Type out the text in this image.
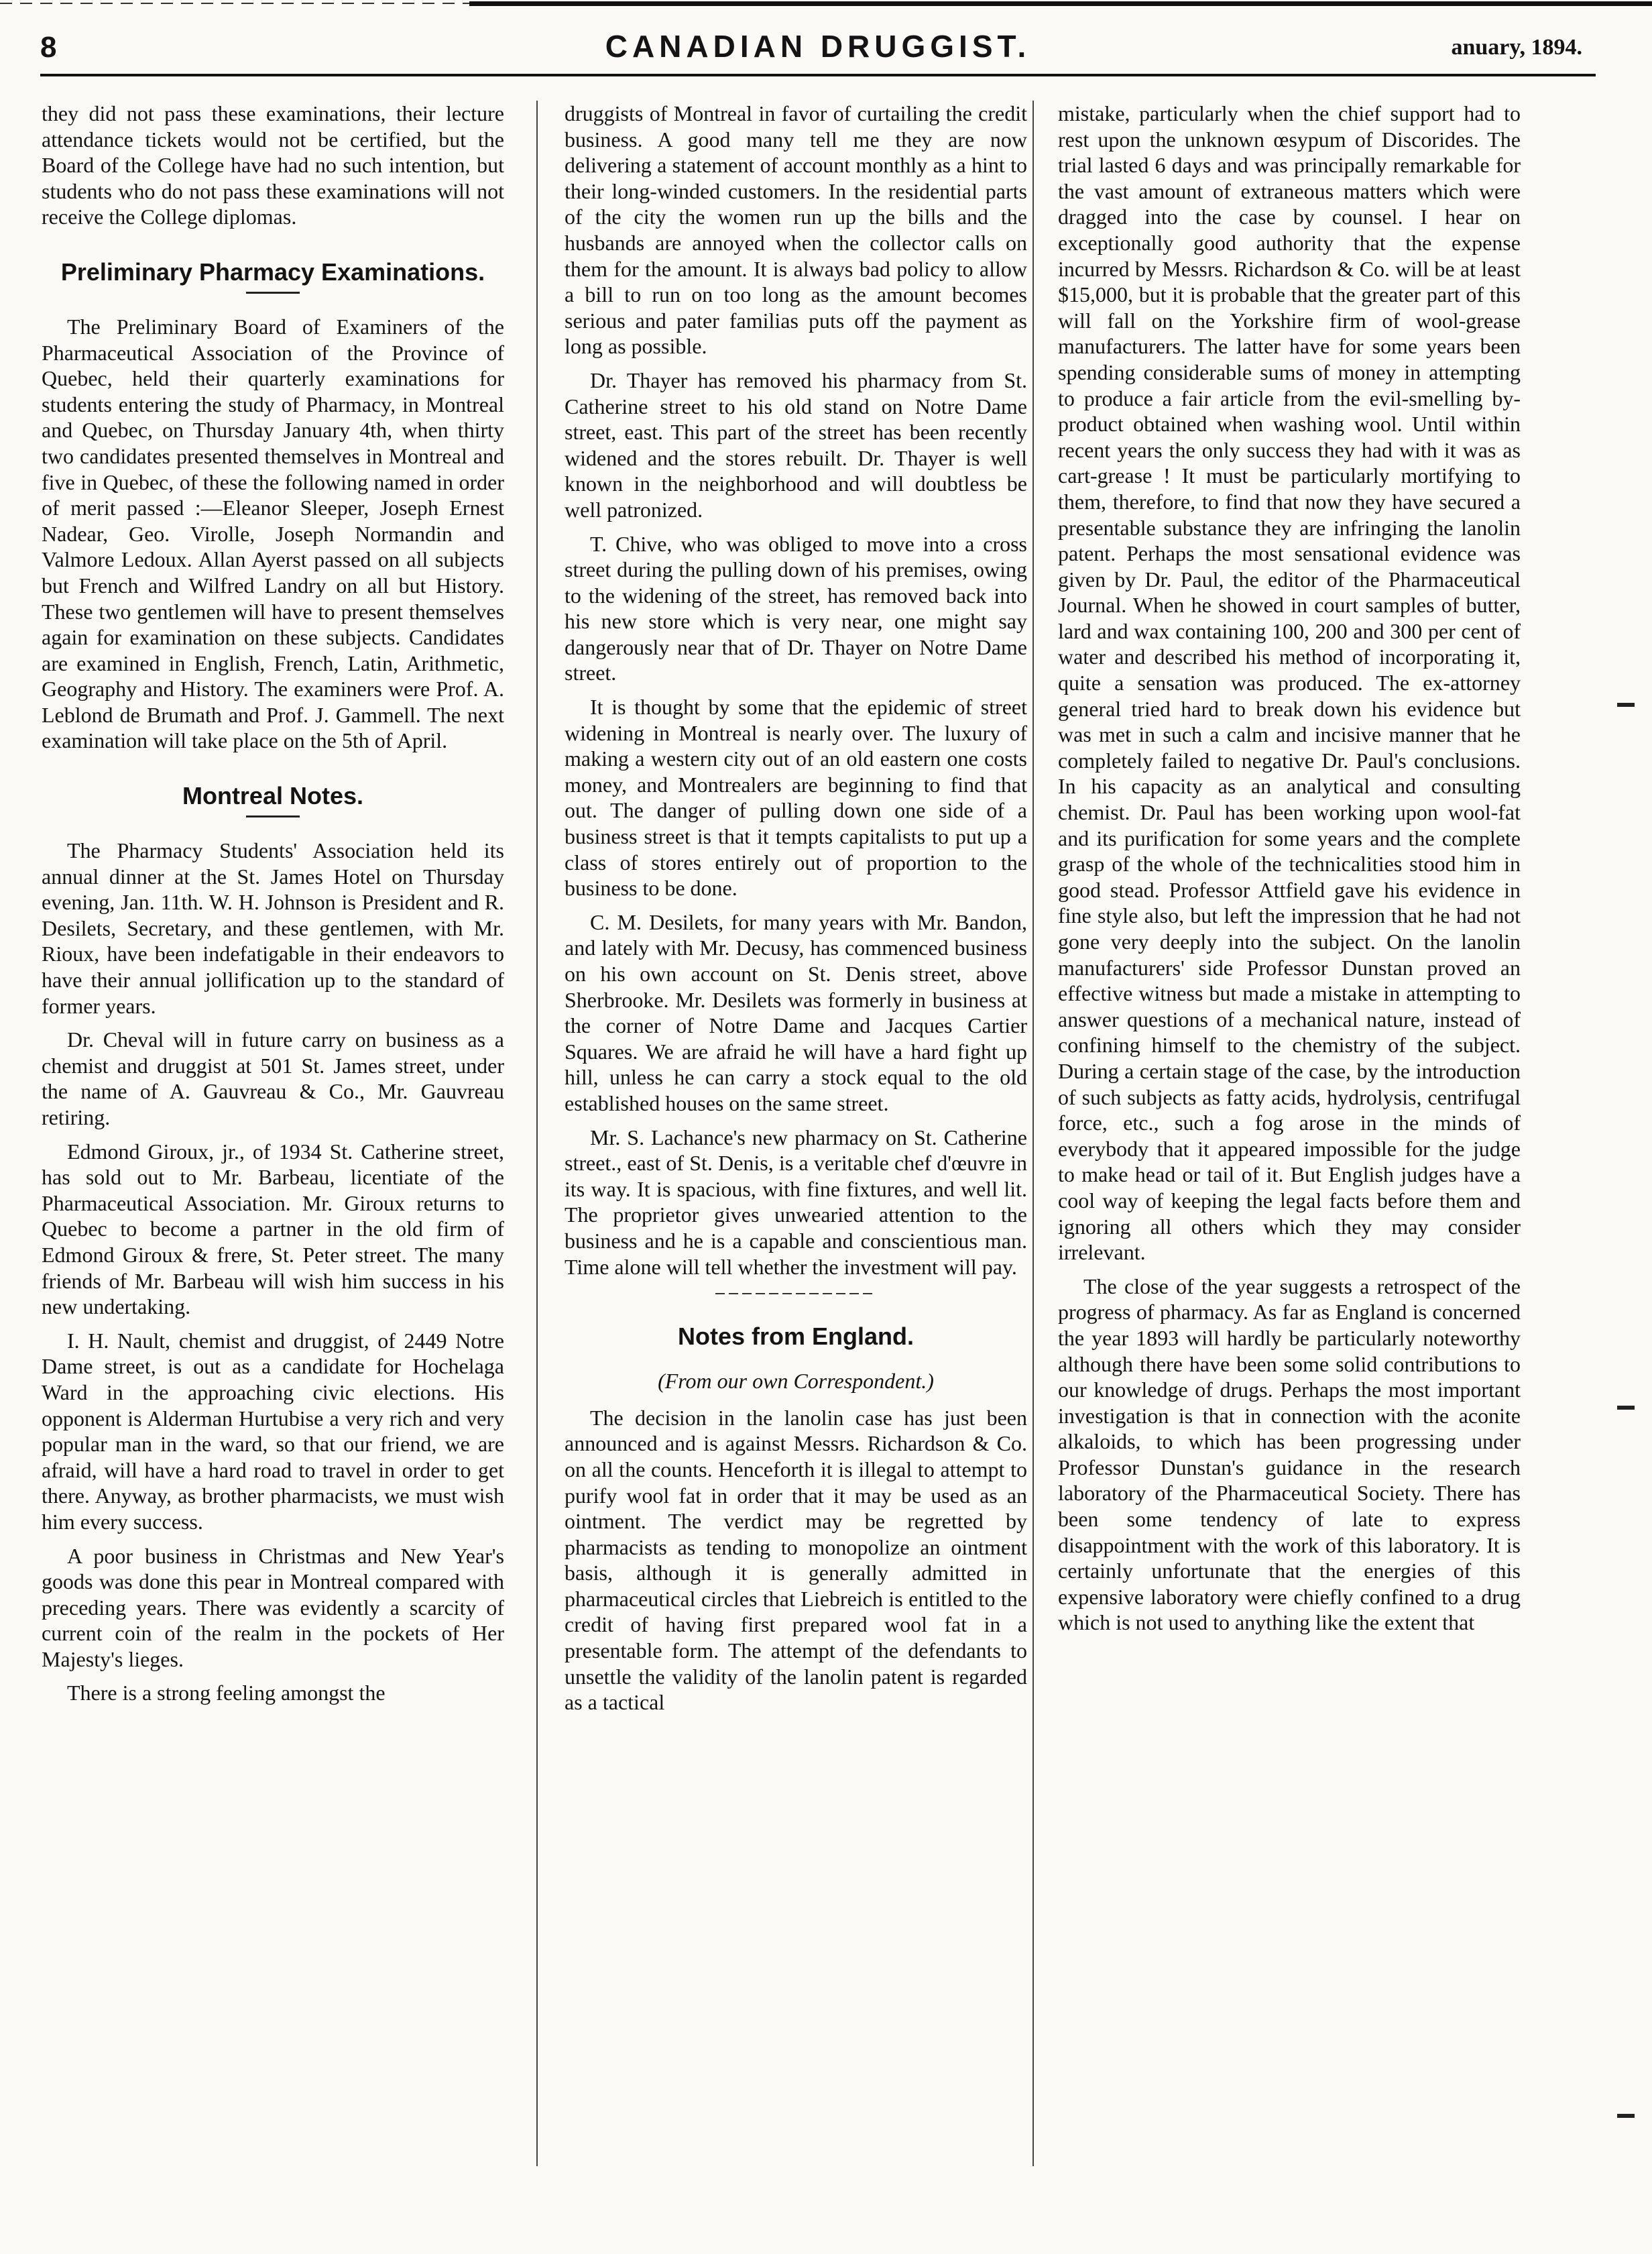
8	CANADIAN DRUGGIST.	anuary, 1894.

they did not pass these examinations, their lecture attendance tickets would not be certified, but the Board of the College have had no such intention, but students who do not pass these examinations will not receive the College diplomas.

Preliminary Pharmacy Examinations.

The Preliminary Board of Examiners of the Pharmaceutical Association of the Province of Quebec, held their quarterly examinations for students entering the study of Pharmacy, in Montreal and Quebec, on Thursday January 4th, when thirty two candidates presented themselves in Montreal and five in Quebec, of these the following named in order of merit passed :—Eleanor Sleeper, Joseph Ernest Nadear, Geo. Virolle, Joseph Normandin and Valmore Ledoux. Allan Ayerst passed on all subjects but French and Wilfred Landry on all but History. These two gentlemen will have to present themselves again for examination on these subjects. Candidates are examined in English, French, Latin, Arithmetic, Geography and History. The examiners were Prof. A. Leblond de Brumath and Prof. J. Gammell. The next examination will take place on the 5th of April.

Montreal Notes.

The Pharmacy Students' Association held its annual dinner at the St. James Hotel on Thursday evening, Jan. 11th. W. H. Johnson is President and R. Desilets, Secretary, and these gentlemen, with Mr. Rioux, have been indefatigable in their endeavors to have their annual jollification up to the standard of former years.

Dr. Cheval will in future carry on business as a chemist and druggist at 501 St. James street, under the name of A. Gauvreau & Co., Mr. Gauvreau retiring.

Edmond Giroux, jr., of 1934 St. Catherine street, has sold out to Mr. Barbeau, licentiate of the Pharmaceutical Association. Mr. Giroux returns to Quebec to become a partner in the old firm of Edmond Giroux & frere, St. Peter street. The many friends of Mr. Barbeau will wish him success in his new undertaking.

I. H. Nault, chemist and druggist, of 2449 Notre Dame street, is out as a candidate for Hochelaga Ward in the approaching civic elections. His opponent is Alderman Hurtubise a very rich and very popular man in the ward, so that our friend, we are afraid, will have a hard road to travel in order to get there. Anyway, as brother pharmacists, we must wish him every success.

A poor business in Christmas and New Year's goods was done this pear in Montreal compared with preceding years. There was evidently a scarcity of current coin of the realm in the pockets of Her Majesty's lieges.

There is a strong feeling amongst the

druggists of Montreal in favor of curtailing the credit business. A good many tell me they are now delivering a statement of account monthly as a hint to their long-winded customers. In the residential parts of the city the women run up the bills and the husbands are annoyed when the collector calls on them for the amount. It is always bad policy to allow a bill to run on too long as the amount becomes serious and pater familias puts off the payment as long as possible.

Dr. Thayer has removed his pharmacy from St. Catherine street to his old stand on Notre Dame street, east. This part of the street has been recently widened and the stores rebuilt. Dr. Thayer is well known in the neighborhood and will doubtless be well patronized.

T. Chive, who was obliged to move into a cross street during the pulling down of his premises, owing to the widening of the street, has removed back into his new store which is very near, one might say dangerously near that of Dr. Thayer on Notre Dame street.

It is thought by some that the epidemic of street widening in Montreal is nearly over. The luxury of making a western city out of an old eastern one costs money, and Montrealers are beginning to find that out. The danger of pulling down one side of a business street is that it tempts capitalists to put up a class of stores entirely out of proportion to the business to be done.

C. M. Desilets, for many years with Mr. Bandon, and lately with Mr. Decusy, has commenced business on his own account on St. Denis street, above Sherbrooke. Mr. Desilets was formerly in business at the corner of Notre Dame and Jacques Cartier Squares. We are afraid he will have a hard fight up hill, unless he can carry a stock equal to the old established houses on the same street.

Mr. S. Lachance's new pharmacy on St. Catherine street., east of St. Denis, is a veritable chef d'œuvre in its way. It is spacious, with fine fixtures, and well lit. The proprietor gives unwearied attention to the business and he is a capable and conscientious man. Time alone will tell whether the investment will pay.

Notes from England.

(From our own Correspondent.)

The decision in the lanolin case has just been announced and is against Messrs. Richardson & Co. on all the counts. Henceforth it is illegal to attempt to purify wool fat in order that it may be used as an ointment. The verdict may be regretted by pharmacists as tending to monopolize an ointment basis, although it is generally admitted in pharmaceutical circles that Liebreich is entitled to the credit of having first prepared wool fat in a presentable form. The attempt of the defendants to unsettle the validity of the lanolin patent is regarded as a tactical

mistake, particularly when the chief support had to rest upon the unknown œsypum of Discorides. The trial lasted 6 days and was principally remarkable for the vast amount of extraneous matters which were dragged into the case by counsel. I hear on exceptionally good authority that the expense incurred by Messrs. Richardson & Co. will be at least $15,000, but it is probable that the greater part of this will fall on the Yorkshire firm of wool-grease manufacturers. The latter have for some years been spending considerable sums of money in attempting to produce a fair article from the evil-smelling by-product obtained when washing wool. Until within recent years the only success they had with it was as cart-grease ! It must be particularly mortifying to them, therefore, to find that now they have secured a presentable substance they are infringing the lanolin patent. Perhaps the most sensational evidence was given by Dr. Paul, the editor of the Pharmaceutical Journal. When he showed in court samples of butter, lard and wax containing 100, 200 and 300 per cent of water and described his method of incorporating it, quite a sensation was produced. The ex-attorney general tried hard to break down his evidence but was met in such a calm and incisive manner that he completely failed to negative Dr. Paul's conclusions. In his capacity as an analytical and consulting chemist. Dr. Paul has been working upon wool-fat and its purification for some years and the complete grasp of the whole of the technicalities stood him in good stead. Professor Attfield gave his evidence in fine style also, but left the impression that he had not gone very deeply into the subject. On the lanolin manufacturers' side Professor Dunstan proved an effective witness but made a mistake in attempting to answer questions of a mechanical nature, instead of confining himself to the chemistry of the subject. During a certain stage of the case, by the introduction of such subjects as fatty acids, hydrolysis, centrifugal force, etc., such a fog arose in the minds of everybody that it appeared impossible for the judge to make head or tail of it. But English judges have a cool way of keeping the legal facts before them and ignoring all others which they may consider irrelevant.

The close of the year suggests a retrospect of the progress of pharmacy. As far as England is concerned the year 1893 will hardly be particularly noteworthy although there have been some solid contributions to our knowledge of drugs. Perhaps the most important investigation is that in connection with the aconite alkaloids, to which has been progressing under Professor Dunstan's guidance in the research laboratory of the Pharmaceutical Society. There has been some tendency of late to express disappointment with the work of this laboratory. It is certainly unfortunate that the energies of this expensive laboratory were chiefly confined to a drug which is not used to anything like the extent that
